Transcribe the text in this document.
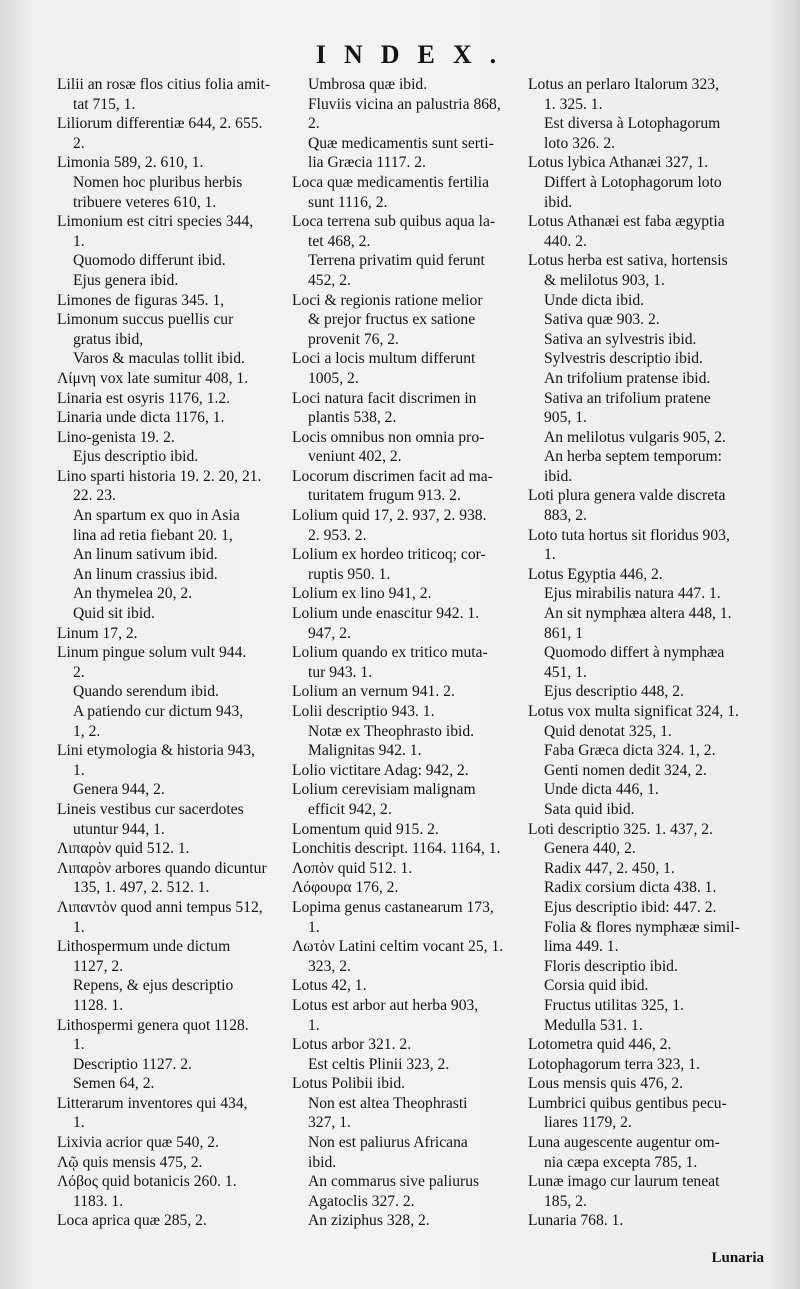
INDEX.
Lilii an rosæ flos citius folia amit-
tat 715, 1.
Liliorum differentiæ 644, 2. 655.
2.
Limonia 589, 2. 610, 1.
Nomen hoc pluribus herbis
tribuere veteres 610, 1.
Limonium est citri species 344,
1.
Quomodo differunt ibid.
Ejus genera ibid.
Limones de figuras 345. 1,
Limonum succus puellis cur
gratus ibid,
Varos & maculas tollit ibid.
Λίμνη vox late sumitur 408, 1.
Linaria est osyris 1176, 1.2.
Linaria unde dicta 1176, 1.
Lino-genista 19. 2.
Ejus descriptio ibid.
Lino sparti historia 19. 2. 20, 21.
22. 23.
An spartum ex quo in Asia
lina ad retia fiebant 20. 1,
An linum sativum ibid.
An linum crassius ibid.
An thymelea 20, 2.
Quid sit ibid.
Linum 17, 2.
Linum pingue solum vult 944.
2.
Quando serendum ibid.
A patiendo cur dictum 943,
1, 2.
Lini etymologia & historia 943,
1.
Genera 944, 2.
Lineis vestibus cur sacerdotes
utuntur 944, 1.
Λιπαρὸν quid 512. 1.
Λιπαρὸν arbores quando dicuntur
135, 1. 497, 2. 512. 1.
Λιπαντὸν quod anni tempus 512,
1.
Lithospermum unde dictum
1127, 2.
Repens, & ejus descriptio
1128. 1.
Lithospermi genera quot 1128.
1.
Descriptio 1127. 2.
Semen 64, 2.
Litterarum inventores qui 434,
1.
Lixivia acrior quæ 540, 2.
Λῷ quis mensis 475, 2.
Λόβος quid botanicis 260. 1.
1183. 1.
Loca aprica quæ 285, 2.
Umbrosa quæ ibid.
Fluviis vicina an palustria 868,
2.
Quæ medicamentis sunt serti-
lia Græcia 1117. 2.
Loca quæ medicamentis fertilia
sunt 1116, 2.
Loca terrena sub quibus aqua la-
tet 468, 2.
Terrena privatim quid ferunt
452, 2.
Loci & regionis ratione melior
& prejor fructus ex satione
provenit 76, 2.
Loci a locis multum differunt
1005, 2.
Loci natura facit discrimen in
plantis 538, 2.
Locis omnibus non omnia pro-
veniunt 402, 2.
Locorum discrimen facit ad ma-
turitatem frugum 913. 2.
Lolium quid 17, 2. 937, 2. 938.
2. 953. 2.
Lolium ex hordeo triticoq; cor-
ruptis 950. 1.
Lolium ex lino 941, 2.
Lolium unde enascitur 942. 1.
947, 2.
Lolium quando ex tritico muta-
tur 943. 1.
Lolium an vernum 941. 2.
Lolii descriptio 943. 1.
Notæ ex Theophrasto ibid.
Malignitas 942. 1.
Lolio victitare Adag: 942, 2.
Lolium cerevisiam malignam
efficit 942, 2.
Lomentum quid 915. 2.
Lonchitis descript. 1164. 1164, 1.
Λοπὸν quid 512. 1.
Λόφουρα 176, 2.
Lopima genus castanearum 173,
1.
Λωτὸν Latini celtim vocant 25, 1.
323, 2.
Lotus 42, 1.
Lotus est arbor aut herba 903,
1.
Lotus arbor 321. 2.
Est celtis Plinii 323, 2.
Lotus Polibii ibid.
Non est altea Theophrasti
327, 1.
Non est paliurus Africana
ibid.
An commarus sive paliurus
Agatoclis 327. 2.
An ziziphus 328, 2.
Lotus an perlaro Italorum 323,
1. 325. 1.
Est diversa à Lotophagorum
loto 326. 2.
Lotus lybica Athanæi 327, 1.
Differt à Lotophagorum loto
ibid.
Lotus Athanæi est faba ægyptia
440. 2.
Lotus herba est sativa, hortensis
& melilotus 903, 1.
Unde dicta ibid.
Sativa quæ 903. 2.
Sativa an sylvestris ibid.
Sylvestris descriptio ibid.
An trifolium pratense ibid.
Sativa an trifolium pratene
905, 1.
An melilotus vulgaris 905, 2.
An herba septem temporum:
ibid.
Loti plura genera valde discreta
883, 2.
Loto tuta hortus sit floridus 903,
1.
Lotus Egyptia 446, 2.
Ejus mirabilis natura 447. 1.
An sit nymphæa altera 448, 1.
861, 1
Quomodo differt à nymphæa
451, 1.
Ejus descriptio 448, 2.
Lotus vox multa significat 324, 1.
Quid denotat 325, 1.
Faba Græca dicta 324. 1, 2.
Genti nomen dedit 324, 2.
Unde dicta 446, 1.
Sata quid ibid.
Loti descriptio 325. 1. 437, 2.
Genera 440, 2.
Radix 447, 2. 450, 1.
Radix corsium dicta 438. 1.
Ejus descriptio ibid: 447. 2.
Folia & flores nymphææ simil-
lima 449. 1.
Floris descriptio ibid.
Corsia quid ibid.
Fructus utilitas 325, 1.
Medulla 531. 1.
Lotometra quid 446, 2.
Lotophagorum terra 323, 1.
Lous mensis quis 476, 2.
Lumbrici quibus gentibus pecu-
liares 1179, 2.
Luna augescente augentur om-
nia cæpa excepta 785, 1.
Lunæ imago cur laurum teneat
185, 2.
Lunaria 768. 1.
Lunaria
